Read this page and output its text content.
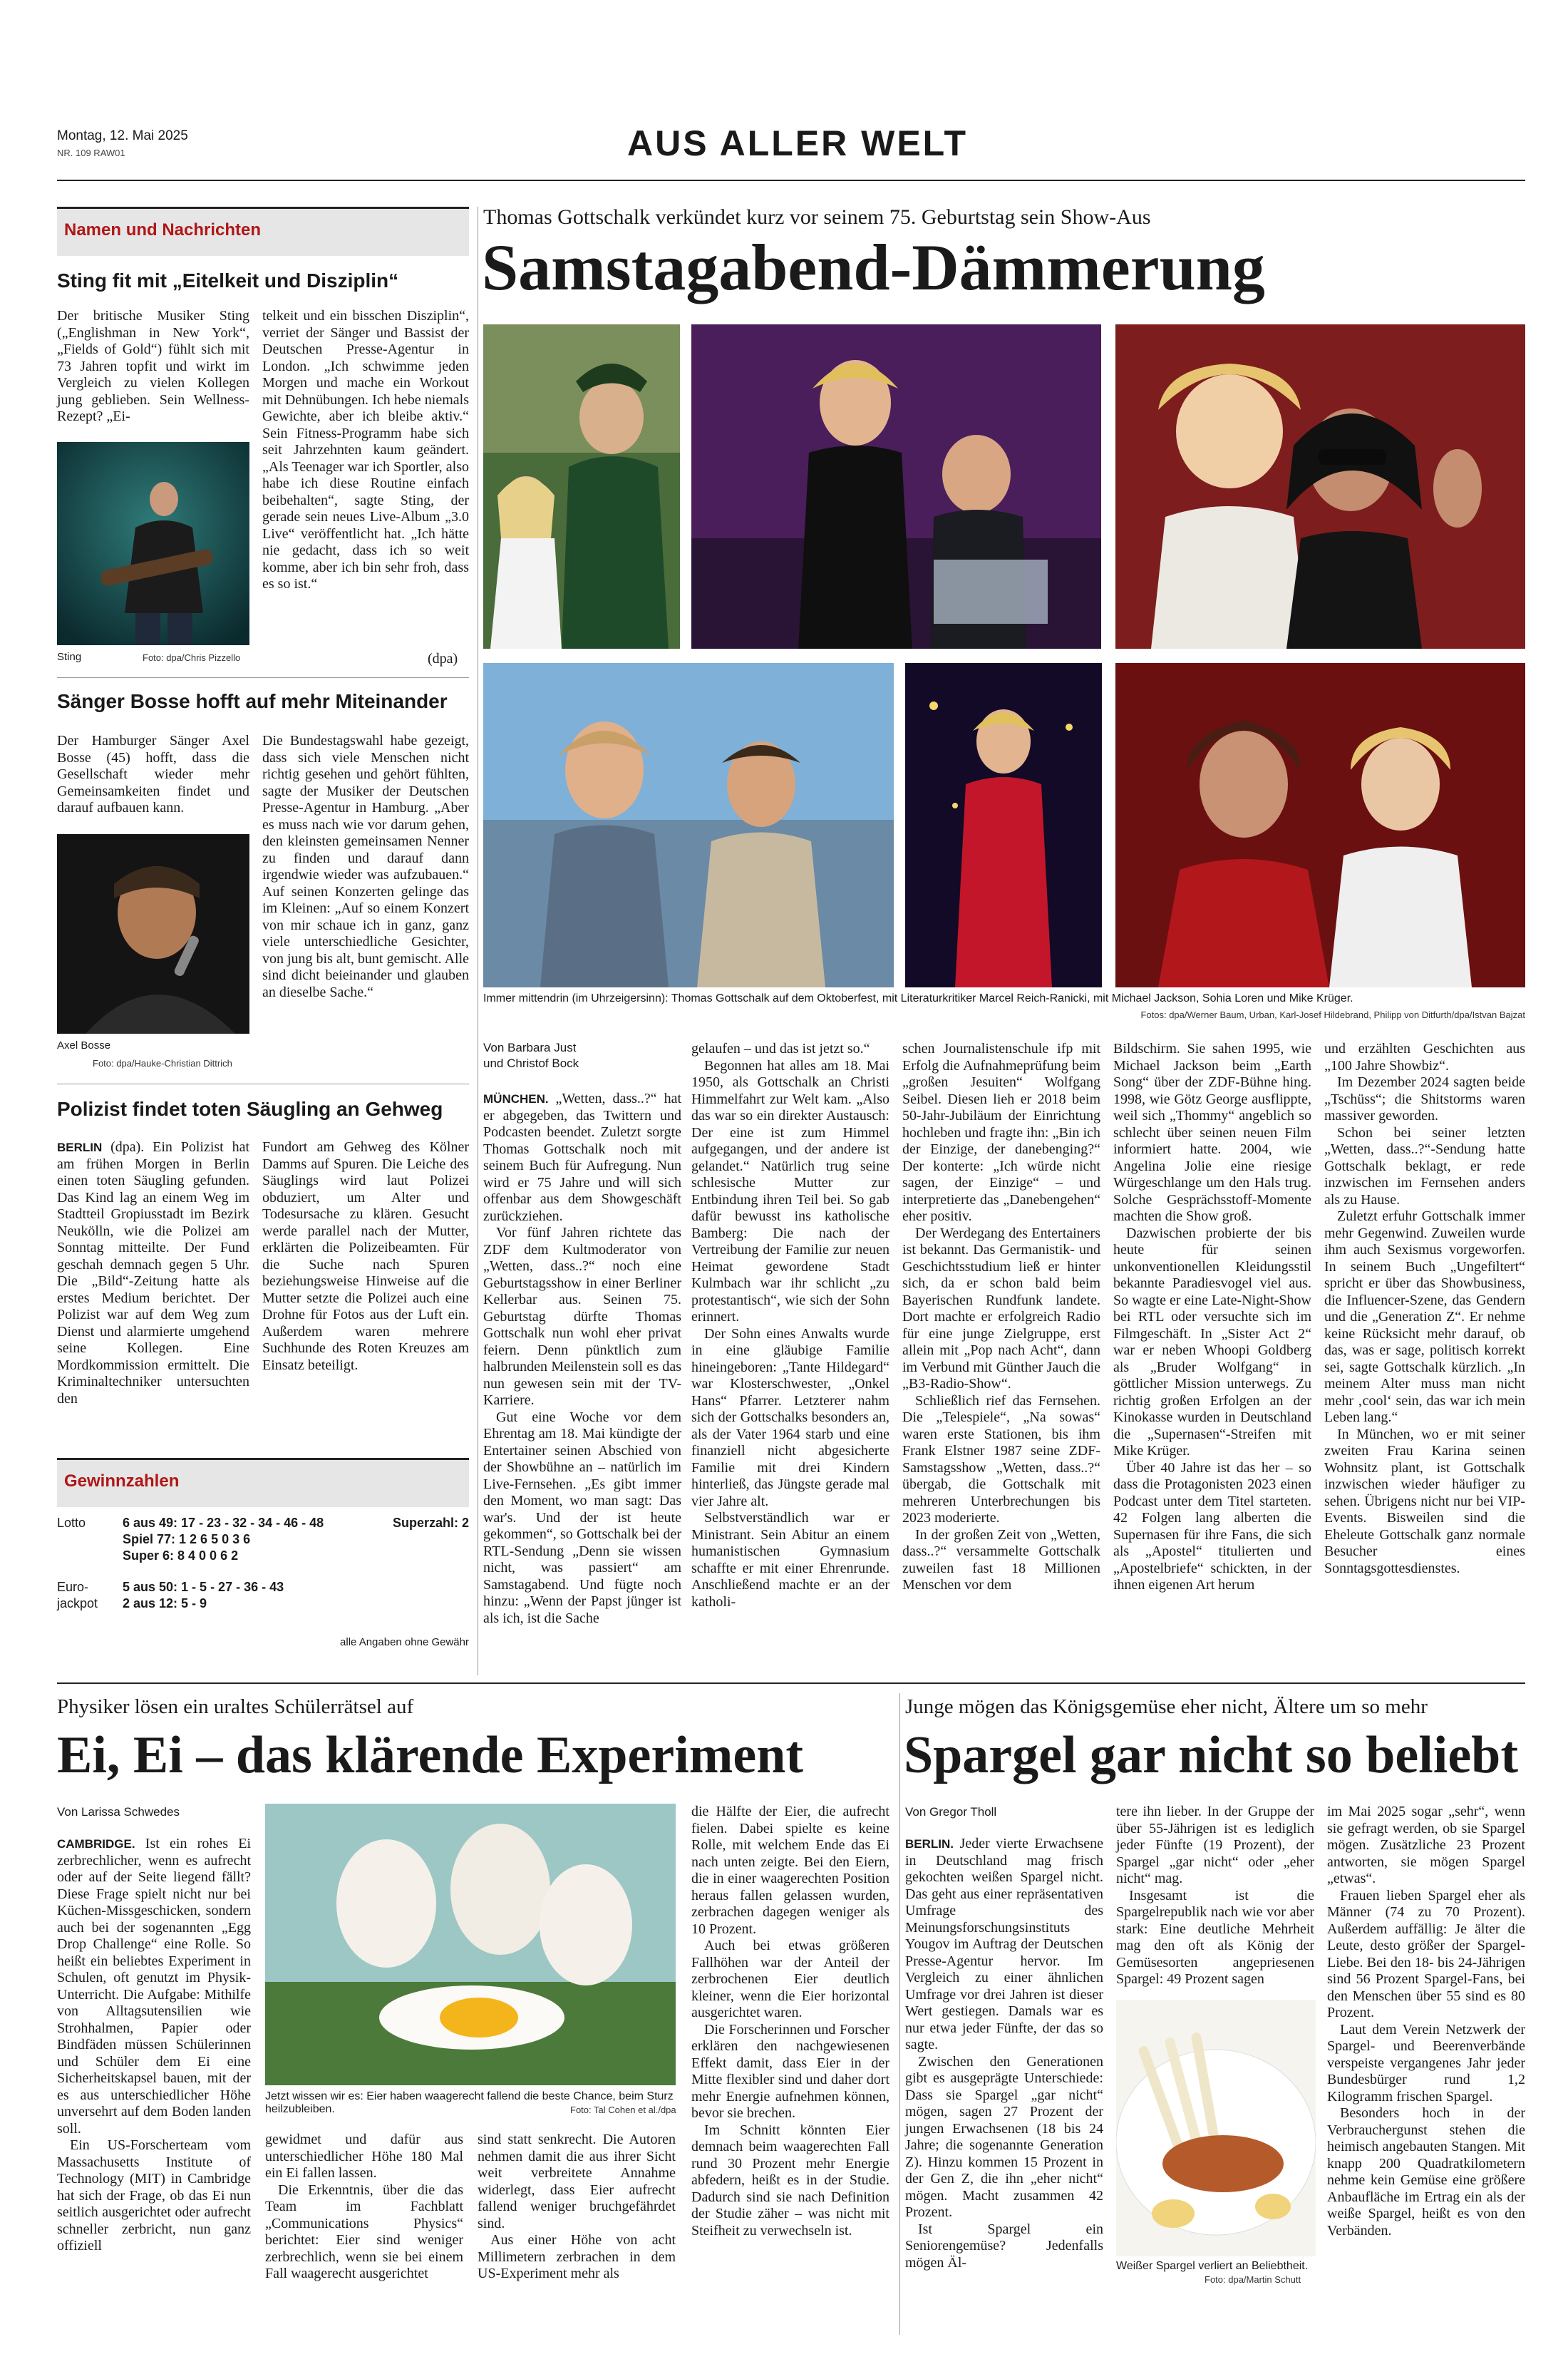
Montag, 12. Mai 2025
NR. 109 RAW01	AUS ALLER WELT
Namen und Nachrichten
Sting fit mit „Eitelkeit und Disziplin“

Der britische Musiker Sting („Englishman in New York“, „Fields of Gold“) fühlt sich mit 73 Jahren topfit und wirkt im Vergleich zu vielen Kollegen jung geblieben. Sein Wellness-Rezept? „Ei-

Sting	Foto: dpa/Chris Pizzello

telkeit und ein bisschen Disziplin“, verriet der Sänger und Bassist der Deutschen Presse-Agentur in London. „Ich schwimme jeden Morgen und mache ein Workout mit Dehnübungen. Ich hebe niemals Gewichte, aber ich bleibe aktiv.“ Sein Fitness-Programm habe sich seit Jahrzehnten kaum geändert. „Als Teenager war ich Sportler, also habe ich diese Routine einfach beibehalten“, sagte Sting, der gerade sein neues Live-Album „3.0 Live“ veröffentlicht hat. „Ich hätte nie gedacht, dass ich so weit komme, aber ich bin sehr froh, dass es so ist.“

(dpa)
Sänger Bosse hofft auf mehr Miteinander

Der Hamburger Sänger Axel Bosse (45) hofft, dass die Gesellschaft wieder mehr Gemeinsamkeiten findet und darauf aufbauen kann.

Axel Bosse
Foto: dpa/Hauke-Christian Dittrich

Die Bundestagswahl habe gezeigt, dass sich viele Menschen nicht richtig gesehen und gehört fühlten, sagte der Musiker der Deutschen Presse-Agentur in Hamburg. „Aber es muss nach wie vor darum gehen, den kleinsten gemeinsamen Nenner zu finden und darauf dann irgendwie wieder was aufzubauen.“ Auf seinen Konzerten gelinge das im Kleinen: „Auf so einem Konzert von mir schaue ich in ganz, ganz viele unterschiedliche Gesichter, von jung bis alt, bunt gemischt. Alle sind dicht beieinander und glauben an dieselbe Sache.“

Polizist findet toten Säugling an Gehweg

BERLIN (dpa). Ein Polizist hat am frühen Morgen in Berlin einen toten Säugling gefunden. Das Kind lag an einem Weg im Stadtteil Gropiusstadt im Bezirk Neukölln, wie die Polizei am Sonntag mitteilte. Der Fund geschah demnach gegen 5 Uhr. Die „Bild“-Zeitung hatte als erstes Medium berichtet. Der Polizist war auf dem Weg zum Dienst und alarmierte umgehend seine Kollegen. Eine Mordkommission ermittelt. Die Kriminaltechniker untersuchten den

Fundort am Gehweg des Kölner Damms auf Spuren. Die Leiche des Säuglings wird laut Polizei obduziert, um Alter und Todesursache zu klären. Gesucht werde parallel nach der Mutter, erklärten die Polizeibeamten. Für die Suche nach Spuren beziehungsweise Hinweise auf die Mutter setzte die Polizei auch eine Drohne für Fotos aus der Luft ein. Außerdem waren mehrere Suchhunde des Roten Kreuzes am Einsatz beteiligt.

Gewinnzahlen
Lotto	6 aus 49: 17 - 23 - 32 - 34 - 46 - 48	Superzahl: 2
Spiel 77: 1 2 6 5 0 3 6
Super 6: 8 4 0 0 6 2
Euro-
jackpot
5 aus 50: 1 - 5 - 27 - 36 - 43
2 aus 12: 5 - 9
alle Angaben ohne Gewähr
Thomas Gottschalk verkündet kurz vor seinem 75. Geburtstag sein Show-Aus
Samstagabend-Dämmerung
Immer mittendrin (im Uhrzeigersinn): Thomas Gottschalk auf dem Oktoberfest, mit Literaturkritiker Marcel Reich-Ranicki, mit Michael Jackson, Sohia Loren und Mike Krüger.
Fotos: dpa/Werner Baum, Urban, Karl-Josef Hildebrand, Philipp von Ditfurth/dpa/Istvan Bajzat
Von Barbara Just
und Christof Bock

MÜNCHEN. „Wetten, dass..?“ hat er abgegeben, das Twittern und Podcasten beendet. Zuletzt sorgte Thomas Gottschalk noch mit seinem Buch für Aufregung. Nun wird er 75 Jahre und will sich offenbar aus dem Showgeschäft zurückziehen.

Vor fünf Jahren richtete das ZDF dem Kultmoderator von „Wetten, dass..?“ noch eine Geburtstagsshow in einer Berliner Kellerbar aus. Seinen 75. Geburtstag dürfte Thomas Gottschalk nun wohl eher privat feiern. Denn pünktlich zum halbrunden Meilenstein soll es das nun gewesen sein mit der TV-Karriere.

Gut eine Woche vor dem Ehrentag am 18. Mai kündigte der Entertainer seinen Abschied von der Showbühne an – natürlich im Live-Fernsehen. „Es gibt immer den Moment, wo man sagt: Das war's. Und der ist heute gekommen“, so Gottschalk bei der RTL-Sendung „Denn sie wissen nicht, was passiert“ am Samstagabend. Und fügte noch hinzu: „Wenn der Papst jünger ist als ich, ist die Sache

gelaufen – und das ist jetzt so.“

Begonnen hat alles am 18. Mai 1950, als Gottschalk an Christi Himmelfahrt zur Welt kam. „Also das war so ein direkter Austausch: Der eine ist zum Himmel aufgegangen, und der andere ist gelandet.“ Natürlich trug seine schlesische Mutter zur Entbindung ihren Teil bei. So gab dafür bewusst ins katholische Bamberg: Die nach der Vertreibung der Familie zur neuen Heimat gewordene Stadt Kulmbach war ihr schlicht „zu protestantisch“, wie sich der Sohn erinnert.

Der Sohn eines Anwalts wurde in eine gläubige Familie hineingeboren: „Tante Hildegard“ war Klosterschwester, „Onkel Hans“ Pfarrer. Letzterer nahm sich der Gottschalks besonders an, als der Vater 1964 starb und eine finanziell nicht abgesicherte Familie mit drei Kindern hinterließ, das Jüngste gerade mal vier Jahre alt.

Selbstverständlich war er Ministrant. Sein Abitur an einem humanistischen Gymnasium schaffte er mit einer Ehrenrunde. Anschließend machte er an der katholi-

schen Journalistenschule ifp mit Erfolg die Aufnahmeprüfung beim „großen Jesuiten“ Wolfgang Seibel. Diesen lieh er 2018 beim 50-Jahr-Jubiläum der Einrichtung hochleben und fragte ihn: „Bin ich der Einzige, der danebenging?“ Der konterte: „Ich würde nicht sagen, der Einzige“ – und interpretierte das „Danebengehen“ eher positiv.

Der Werdegang des Entertainers ist bekannt. Das Germanistik- und Geschichtsstudium ließ er hinter sich, da er schon bald beim Bayerischen Rundfunk landete. Dort machte er erfolgreich Radio für eine junge Zielgruppe, erst allein mit „Pop nach Acht“, dann im Verbund mit Günther Jauch die „B3-Radio-Show“.

Schließlich rief das Fernsehen. Die „Telespiele“, „Na sowas“ waren erste Stationen, bis ihm Frank Elstner 1987 seine ZDF-Samstagsshow „Wetten, dass..?“ übergab, die Gottschalk mit mehreren Unterbrechungen bis 2023 moderierte.

In der großen Zeit von „Wetten, dass..?“ versammelte Gottschalk zuweilen fast 18 Millionen Menschen vor dem

Bildschirm. Sie sahen 1995, wie Michael Jackson beim „Earth Song“ über der ZDF-Bühne hing. 1998, wie Götz George ausflippte, weil sich „Thommy“ angeblich so schlecht über seinen neuen Film informiert hatte. 2004, wie Angelina Jolie eine riesige Würgeschlange um den Hals trug. Solche Gesprächsstoff-Momente machten die Show groß.

Dazwischen probierte der bis heute für seinen unkonventionellen Kleidungsstil bekannte Paradiesvogel viel aus. So wagte er eine Late-Night-Show bei RTL oder versuchte sich im Filmgeschäft. In „Sister Act 2“ war er neben Whoopi Goldberg als „Bruder Wolfgang“ in göttlicher Mission unterwegs. Zu richtig großen Erfolgen an der Kinokasse wurden in Deutschland die „Supernasen“-Streifen mit Mike Krüger.

Über 40 Jahre ist das her – so dass die Protagonisten 2023 einen Podcast unter dem Titel starteten. 42 Folgen lang alberten die Supernasen für ihre Fans, die sich als „Apostel“ titulierten und „Apostelbriefe“ schickten, in der ihnen eigenen Art herum

und erzählten Geschichten aus „100 Jahre Showbiz“.

Im Dezember 2024 sagten beide „Tschüss“; die Shitstorms waren massiver geworden.

Schon bei seiner letzten „Wetten, dass..?“-Sendung hatte Gottschalk beklagt, er rede inzwischen im Fernsehen anders als zu Hause.

Zuletzt erfuhr Gottschalk immer mehr Gegenwind. Zuweilen wurde ihm auch Sexismus vorgeworfen. In seinem Buch „Ungefiltert“ spricht er über das Showbusiness, die Influencer-Szene, das Gendern und die „Generation Z“. Er nehme keine Rücksicht mehr darauf, ob das, was er sage, politisch korrekt sei, sagte Gottschalk kürzlich. „In meinem Alter muss man nicht mehr ‚cool‘ sein, das war ich mein Leben lang.“

In München, wo er mit seiner zweiten Frau Karina seinen Wohnsitz plant, ist Gottschalk inzwischen wieder häufiger zu sehen. Übrigens nicht nur bei VIP-Events. Bisweilen sind die Eheleute Gottschalk ganz normale Besucher eines Sonntagsgottesdienstes.

Physiker lösen ein uraltes Schülerrätsel auf
Ei, Ei – das klärende Experiment
Von Larissa Schwedes

CAMBRIDGE. Ist ein rohes Ei zerbrechlicher, wenn es aufrecht oder auf der Seite liegend fällt? Diese Frage spielt nicht nur bei Küchen-Missgeschicken, sondern auch bei der sogenannten „Egg Drop Challenge“ eine Rolle. So heißt ein beliebtes Experiment in Schulen, oft genutzt im Physik-Unterricht. Die Aufgabe: Mithilfe von Alltagsutensilien wie Strohhalmen, Papier oder Bindfäden müssen Schülerinnen und Schüler dem Ei eine Sicherheitskapsel bauen, mit der es aus unterschiedlicher Höhe unversehrt auf dem Boden landen soll.

Ein US-Forscherteam vom Massachusetts Institute of Technology (MIT) in Cambridge hat sich der Frage, ob das Ei nun seitlich ausgerichtet oder aufrecht schneller zerbricht, nun ganz offiziell

Jetzt wissen wir es: Eier haben waagerecht fallend die beste Chance, beim Sturz heilzubleiben.	Foto: Tal Cohen et al./dpa

gewidmet und dafür aus unterschiedlicher Höhe 180 Mal ein Ei fallen lassen.

Die Erkenntnis, über die das Team im Fachblatt „Communications Physics“ berichtet: Eier sind weniger zerbrechlich, wenn sie bei einem Fall waagerecht ausgerichtet

sind statt senkrecht. Die Autoren nehmen damit die aus ihrer Sicht weit verbreitete Annahme widerlegt, dass Eier aufrecht fallend weniger bruchgefährdet sind.

Aus einer Höhe von acht Millimetern zerbrachen in dem US-Experiment mehr als

die Hälfte der Eier, die aufrecht fielen. Dabei spielte es keine Rolle, mit welchem Ende das Ei nach unten zeigte. Bei den Eiern, die in einer waagerechten Position heraus fallen gelassen wurden, zerbrachen dagegen weniger als 10 Prozent.

Auch bei etwas größeren Fallhöhen war der Anteil der zerbrochenen Eier deutlich kleiner, wenn die Eier horizontal ausgerichtet waren.

Die Forscherinnen und Forscher erklären den nachgewiesenen Effekt damit, dass Eier in der Mitte flexibler sind und daher dort mehr Energie aufnehmen können, bevor sie brechen.

Im Schnitt könnten Eier demnach beim waagerechten Fall rund 30 Prozent mehr Energie abfedern, heißt es in der Studie. Dadurch sind sie nach Definition der Studie zäher – was nicht mit Steifheit zu verwechseln ist.

Junge mögen das Königsgemüse eher nicht, Ältere um so mehr
Spargel gar nicht so beliebt
Von Gregor Tholl

BERLIN. Jeder vierte Erwachsene in Deutschland mag frisch gekochten weißen Spargel nicht. Das geht aus einer repräsentativen Umfrage des Meinungsforschungsinstituts Yougov im Auftrag der Deutschen Presse-Agentur hervor. Im Vergleich zu einer ähnlichen Umfrage vor drei Jahren ist dieser Wert gestiegen. Damals war es nur etwa jeder Fünfte, der das so sagte.

Zwischen den Generationen gibt es ausgeprägte Unterschiede: Dass sie Spargel „gar nicht“ mögen, sagen 27 Prozent der jungen Erwachsenen (18 bis 24 Jahre; die sogenannte Generation Z). Hinzu kommen 15 Prozent in der Gen Z, die ihn „eher nicht“ mögen. Macht zusammen 42 Prozent.

Ist Spargel ein Seniorengemüse? Jedenfalls mögen Äl-

tere ihn lieber. In der Gruppe der über 55-Jährigen ist es lediglich jeder Fünfte (19 Prozent), der Spargel „gar nicht“ oder „eher nicht“ mag.

Insgesamt ist die Spargelrepublik nach wie vor aber stark: Eine deutliche Mehrheit mag den oft als König der Gemüsesorten angepriesenen Spargel: 49 Prozent sagen

Weißer Spargel verliert an Beliebtheit.
Foto: dpa/Martin Schutt

im Mai 2025 sogar „sehr“, wenn sie gefragt werden, ob sie Spargel mögen. Zusätzliche 23 Prozent antworten, sie mögen Spargel „etwas“.

Frauen lieben Spargel eher als Männer (74 zu 70 Prozent). Außerdem auffällig: Je älter die Leute, desto größer der Spargel-Liebe. Bei den 18- bis 24-Jährigen sind 56 Prozent Spargel-Fans, bei den Menschen über 55 sind es 80 Prozent.

Laut dem Verein Netzwerk der Spargel- und Beerenverbände verspeiste vergangenes Jahr jeder Bundesbürger rund 1,2 Kilogramm frischen Spargel.

Besonders hoch in der Verbrauchergunst stehen die heimisch angebauten Stangen. Mit knapp 200 Quadratkilometern nehme kein Gemüse eine größere Anbaufläche im Ertrag ein als der weiße Spargel, heißt es von den Verbänden.
